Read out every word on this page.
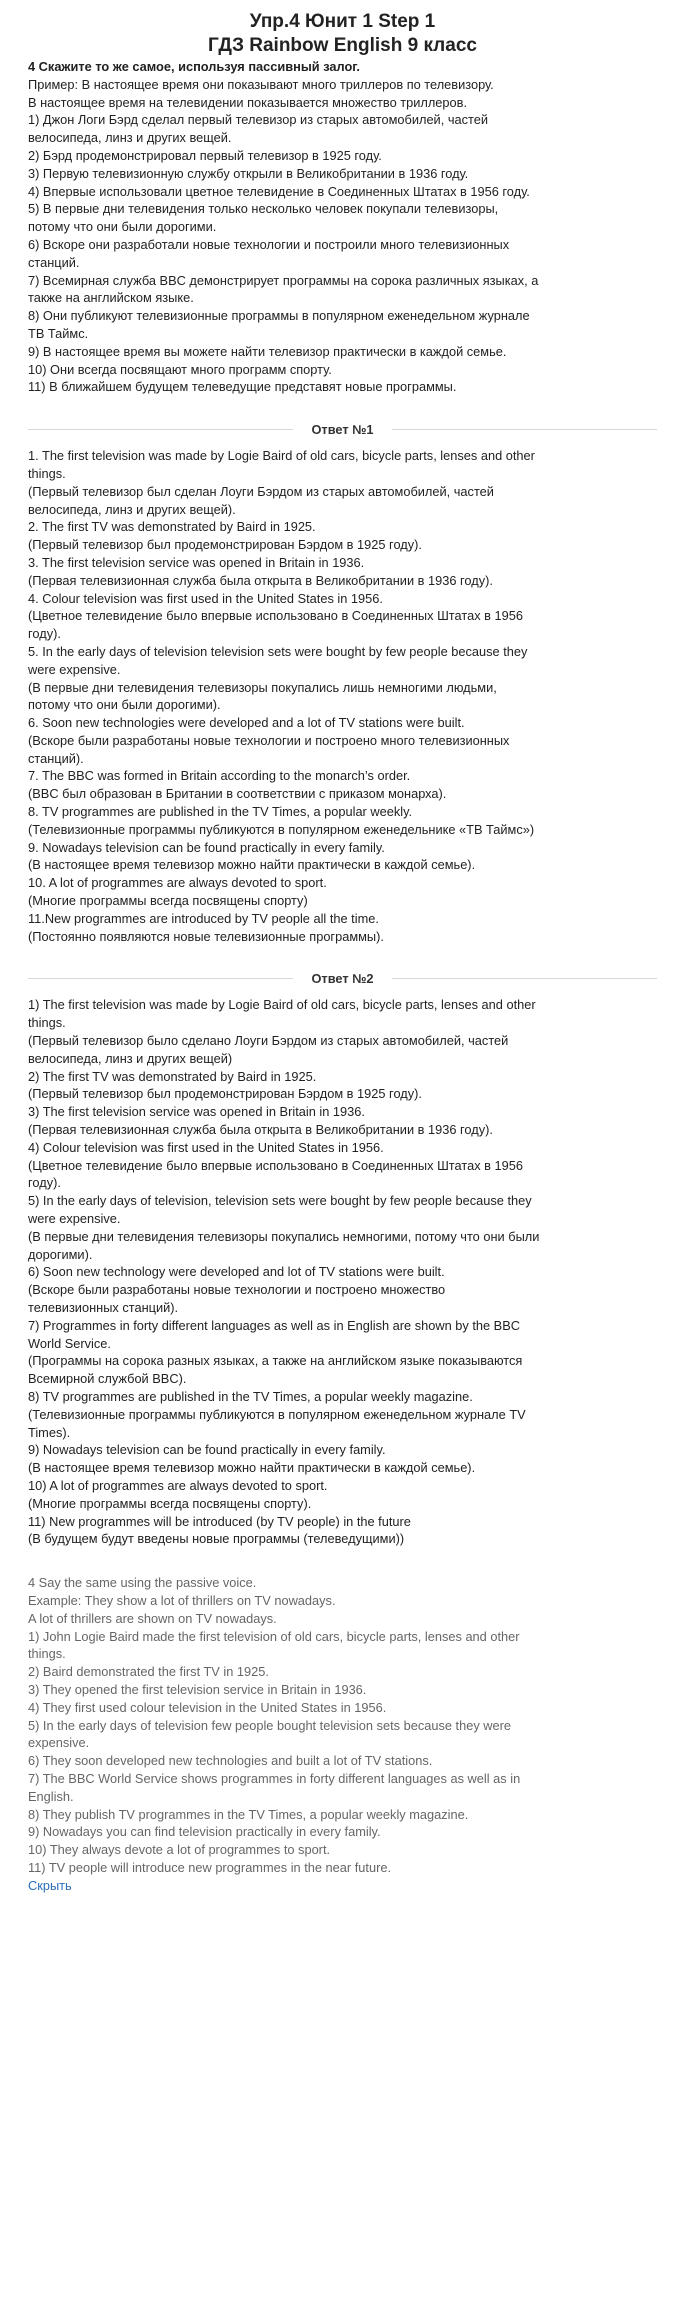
Упр.4 Юнит 1 Step 1
ГДЗ Rainbow English 9 класс

4 Скажите то же самое, используя пассивный залог.

Пример: В настоящее время они показывают много триллеров по телевизору.

В настоящее время на телевидении показывается множество триллеров.

1) Джон Логи Бэрд сделал первый телевизор из старых автомобилей, частей

велосипеда, линз и других вещей.

2) Бэрд продемонстрировал первый телевизор в 1925 году.

3) Первую телевизионную службу открыли в Великобритании в 1936 году.

4) Впервые использовали цветное телевидение в Соединенных Штатах в 1956 году.

5) В первые дни телевидения только несколько человек покупали телевизоры,

потому что они были дорогими.

6) Вскоре они разработали новые технологии и построили много телевизионных

станций.

7) Всемирная служба BBC демонстрирует программы на сорока различных языках, а

также на английском языке.

8) Они публикуют телевизионные программы в популярном еженедельном журнале

ТВ Таймс.

9) В настоящее время вы можете найти телевизор практически в каждой семье.

10) Они всегда посвящают много программ спорту.

11) В ближайшем будущем телеведущие представят новые программы.

Ответ №1

1. The first television was made by Logie Baird of old cars, bicycle parts, lenses and other

things.

(Первый телевизор был сделан Лоуги Бэрдом из старых автомобилей, частей

велосипеда, линз и других вещей).

2. The first TV was demonstrated by Baird in 1925.

(Первый телевизор был продемонстрирован Бэрдом в 1925 году).

3. The first television service was opened in Britain in 1936.

(Первая телевизионная служба была открыта в Великобритании в 1936 году).

4. Colour television was first used in the United States in 1956.

(Цветное телевидение было впервые использовано в Соединенных Штатах в 1956

году).

5. In the early days of television television sets were bought by few people because they

were expensive.

(В первые дни телевидения телевизоры покупались лишь немногими людьми,

потому что они были дорогими).

6. Soon new technologies were developed and a lot of TV stations were built.

(Вскоре были разработаны новые технологии и построено много телевизионных

станций).

7. The BBC was formed in Britain according to the monarch’s order.

(BBC был образован в Британии в соответствии с приказом монарха).

8. TV programmes are published in the TV Times, a popular weekly.

(Телевизионные программы публикуются в популярном еженедельнике «ТВ Таймс»)

9. Nowadays television can be found practically in every family.

(В настоящее время телевизор можно найти практически в каждой семье).

10. A lot of programmes are always devoted to sport.

(Многие программы всегда посвящены спорту)

11.New programmes are introduced by TV people all the time.

(Постоянно появляются новые телевизионные программы).

Ответ №2

1) The first television was made by Logie Baird of old cars, bicycle parts, lenses and other

things.

(Первый телевизор было сделано Лоуги Бэрдом из старых автомобилей, частей

велосипеда, линз и других вещей)

2) The first TV was demonstrated by Baird in 1925.

(Первый телевизор был продемонстрирован Бэрдом в 1925 году).

3) The first television service was opened in Britain in 1936.

(Первая телевизионная служба была открыта в Великобритании в 1936 году).

4) Colour television was first used in the United States in 1956.

(Цветное телевидение было впервые использовано в Соединенных Штатах в 1956

году).

5) In the early days of television, television sets were bought by few people because they

were expensive.

(В первые дни телевидения телевизоры покупались немногими, потому что они были

дорогими).

6) Soon new technology were developed and lot of TV stations were built.

(Вскоре были разработаны новые технологии и построено множество

телевизионных станций).

7) Programmes in forty different languages as well as in English are shown by the BBC

World Service.

(Программы на сорока разных языках, а также на английском языке показываются

Всемирной службой BBC).

8) TV programmes are published in the TV Times, a popular weekly magazine.

(Телевизионные программы публикуются в популярном еженедельном журнале TV

Times).

9) Nowadays television can be found practically in every family.

(В настоящее время телевизор можно найти практически в каждой семье).

10) A lot of programmes are always devoted to sport.

(Многие программы всегда посвящены спорту).

11) New programmes will be introduced (by TV people) in the future

(В будущем будут введены новые программы (телеведущими))

4 Say the same using the passive voice.

Example: They show a lot of thrillers on TV nowadays.

A lot of thrillers are shown on TV nowadays.

1) John Logie Baird made the first television of old cars, bicycle parts, lenses and other

things.

2) Baird demonstrated the first TV in 1925.

3) They opened the first television service in Britain in 1936.

4) They first used colour television in the United States in 1956.

5) In the early days of television few people bought television sets because they were

expensive.

6) They soon developed new technologies and built a lot of TV stations.

7) The BBC World Service shows programmes in forty different languages as well as in

English.

8) They publish TV programmes in the TV Times, a popular weekly magazine.

9) Nowadays you can find television practically in every family.

10) They always devote a lot of programmes to sport.

11) TV people will introduce new programmes in the near future.

Скрыть
